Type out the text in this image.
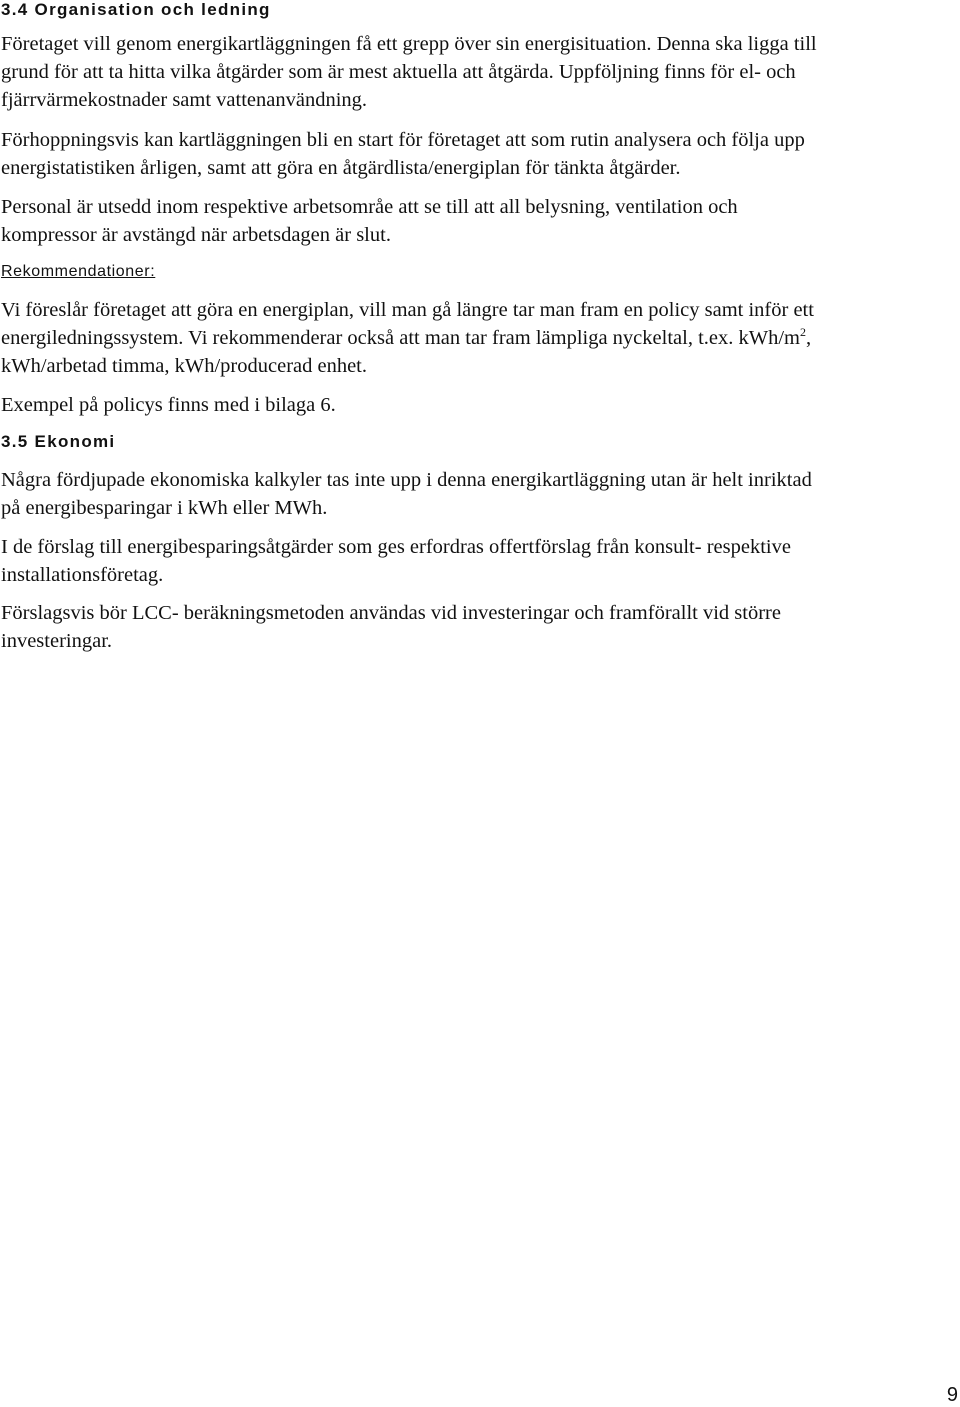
3.4 Organisation och ledning
Företaget vill genom energikartläggningen få ett grepp över sin energisituation. Denna ska ligga till
grund för att ta hitta vilka åtgärder som är mest aktuella att åtgärda. Uppföljning finns för el- och
fjärrvärmekostnader samt vattenanvändning.
Förhoppningsvis kan kartläggningen bli en start för företaget att som rutin analysera och följa upp
energistatistiken årligen, samt att göra en åtgärdlista/energiplan för tänkta åtgärder.
Personal är utsedd inom respektive arbetsområe att se till att all belysning, ventilation och
kompressor är avstängd när arbetsdagen är slut.
Rekommendationer:
Vi föreslår företaget att göra en energiplan, vill man gå längre tar man fram en policy samt inför ett
energiledningssystem. Vi rekommenderar också att man tar fram lämpliga nyckeltal, t.ex. kWh/$m^2$,
kWh/arbetad timma, kWh/producerad enhet.
Exempel på policys finns med i bilaga 6.
3.5 Ekonomi
Några fördjupade ekonomiska kalkyler tas inte upp i denna energikartläggning utan är helt inriktad
på energibesparingar i kWh eller MWh.
I de förslag till energibesparingsåtgärder som ges erfordras offertförslag från konsult- respektive
installationsföretag.
Förslagsvis bör LCC- beräkningsmetoden användas vid investeringar och framförallt vid större
investeringar.
9
